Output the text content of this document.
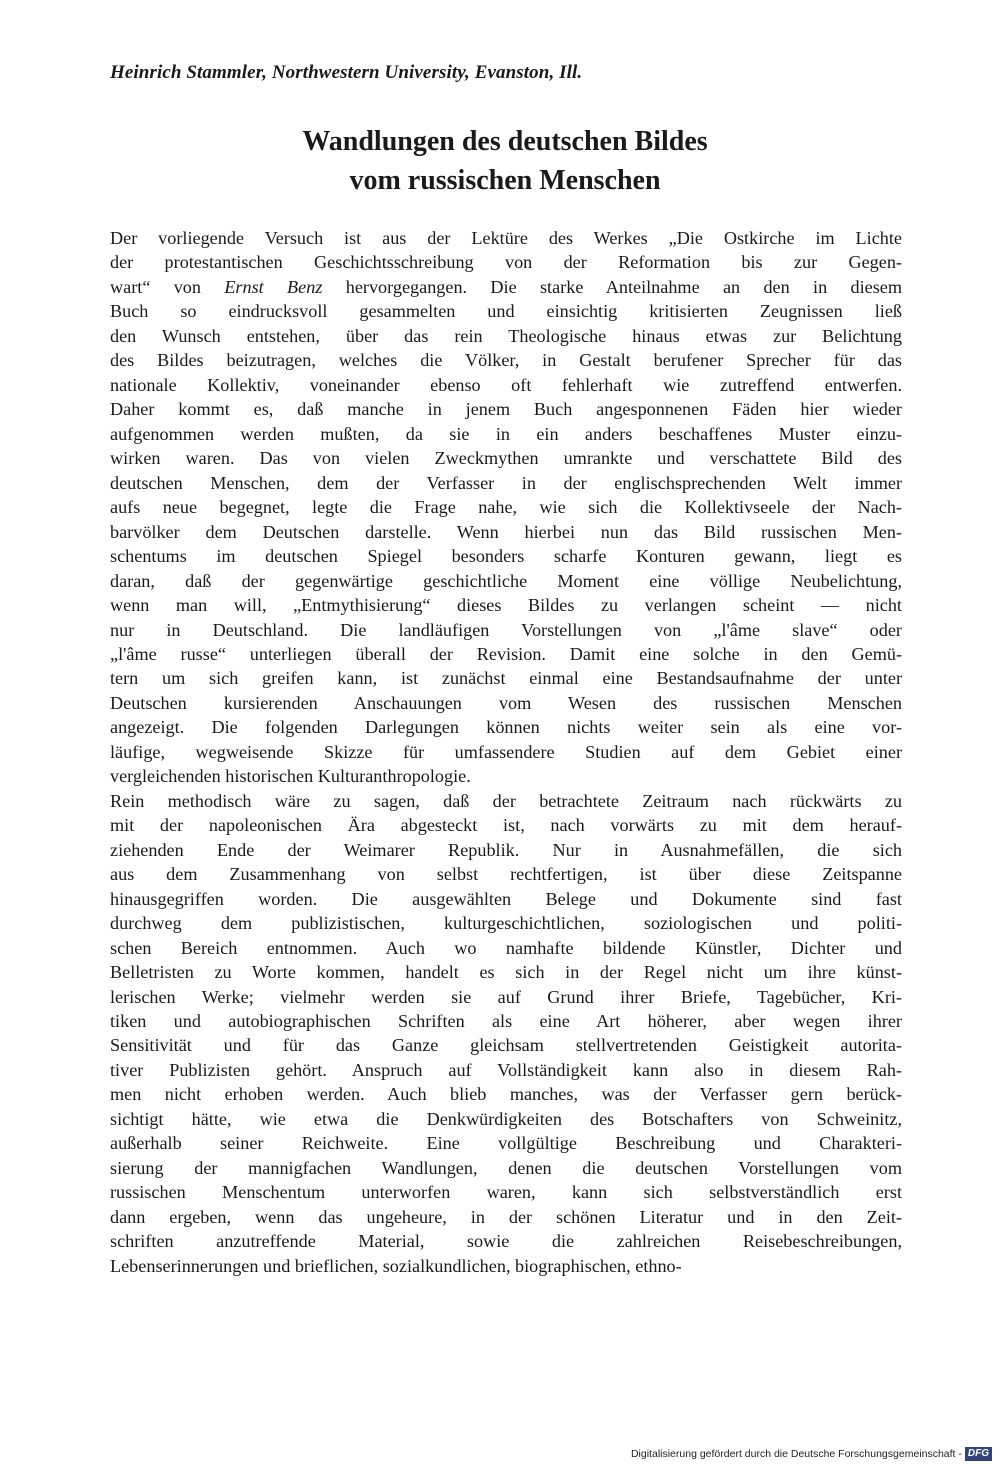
Heinrich Stammler, Northwestern University, Evanston, Ill.
Wandlungen des deutschen Bildes
vom russischen Menschen
Der vorliegende Versuch ist aus der Lektüre des Werkes „Die Ostkirche im Lichte
der protestantischen Geschichtsschreibung von der Reformation bis zur Gegen-
wart“ von Ernst Benz hervorgegangen. Die starke Anteilnahme an den in diesem
Buch so eindrucksvoll gesammelten und einsichtig kritisierten Zeugnissen ließ
den Wunsch entstehen, über das rein Theologische hinaus etwas zur Belichtung
des Bildes beizutragen, welches die Völker, in Gestalt berufener Sprecher für das
nationale Kollektiv, voneinander ebenso oft fehlerhaft wie zutreffend entwerfen.
Daher kommt es, daß manche in jenem Buch angesponnenen Fäden hier wieder
aufgenommen werden mußten, da sie in ein anders beschaffenes Muster einzu-
wirken waren. Das von vielen Zweckmythen umrankte und verschattete Bild des
deutschen Menschen, dem der Verfasser in der englischsprechenden Welt immer
aufs neue begegnet, legte die Frage nahe, wie sich die Kollektivseele der Nach-
barvölker dem Deutschen darstelle. Wenn hierbei nun das Bild russischen Men-
schentums im deutschen Spiegel besonders scharfe Konturen gewann, liegt es
daran, daß der gegenwärtige geschichtliche Moment eine völlige Neubelichtung,
wenn man will, „Entmythisierung“ dieses Bildes zu verlangen scheint — nicht
nur in Deutschland. Die landläufigen Vorstellungen von „l'âme slave“ oder
„l'âme russe“ unterliegen überall der Revision. Damit eine solche in den Gemü-
tern um sich greifen kann, ist zunächst einmal eine Bestandsaufnahme der unter
Deutschen kursierenden Anschauungen vom Wesen des russischen Menschen
angezeigt. Die folgenden Darlegungen können nichts weiter sein als eine vor-
läufige, wegweisende Skizze für umfassendere Studien auf dem Gebiet einer
vergleichenden historischen Kulturanthropologie.
Rein methodisch wäre zu sagen, daß der betrachtete Zeitraum nach rückwärts zu
mit der napoleonischen Ära abgesteckt ist, nach vorwärts zu mit dem herauf-
ziehenden Ende der Weimarer Republik. Nur in Ausnahmefällen, die sich
aus dem Zusammenhang von selbst rechtfertigen, ist über diese Zeitspanne
hinausgegriffen worden. Die ausgewählten Belege und Dokumente sind fast
durchweg dem publizistischen, kulturgeschichtlichen, soziologischen und politi-
schen Bereich entnommen. Auch wo namhafte bildende Künstler, Dichter und
Belletristen zu Worte kommen, handelt es sich in der Regel nicht um ihre künst-
lerischen Werke; vielmehr werden sie auf Grund ihrer Briefe, Tagebücher, Kri-
tiken und autobiographischen Schriften als eine Art höherer, aber wegen ihrer
Sensitivität und für das Ganze gleichsam stellvertretenden Geistigkeit autorita-
tiver Publizisten gehört. Anspruch auf Vollständigkeit kann also in diesem Rah-
men nicht erhoben werden. Auch blieb manches, was der Verfasser gern berück-
sichtigt hätte, wie etwa die Denkwürdigkeiten des Botschafters von Schweinitz,
außerhalb seiner Reichweite. Eine vollgültige Beschreibung und Charakteri-
sierung der mannigfachen Wandlungen, denen die deutschen Vorstellungen vom
russischen Menschentum unterworfen waren, kann sich selbstverständlich erst
dann ergeben, wenn das ungeheure, in der schönen Literatur und in den Zeit-
schriften anzutreffende Material, sowie die zahlreichen Reisebeschreibungen,
Lebenserinnerungen und brieflichen, sozialkundlichen, biographischen, ethno-
Digitalisierung gefördert durch die Deutsche Forschungsgemeinschaft - DFG
